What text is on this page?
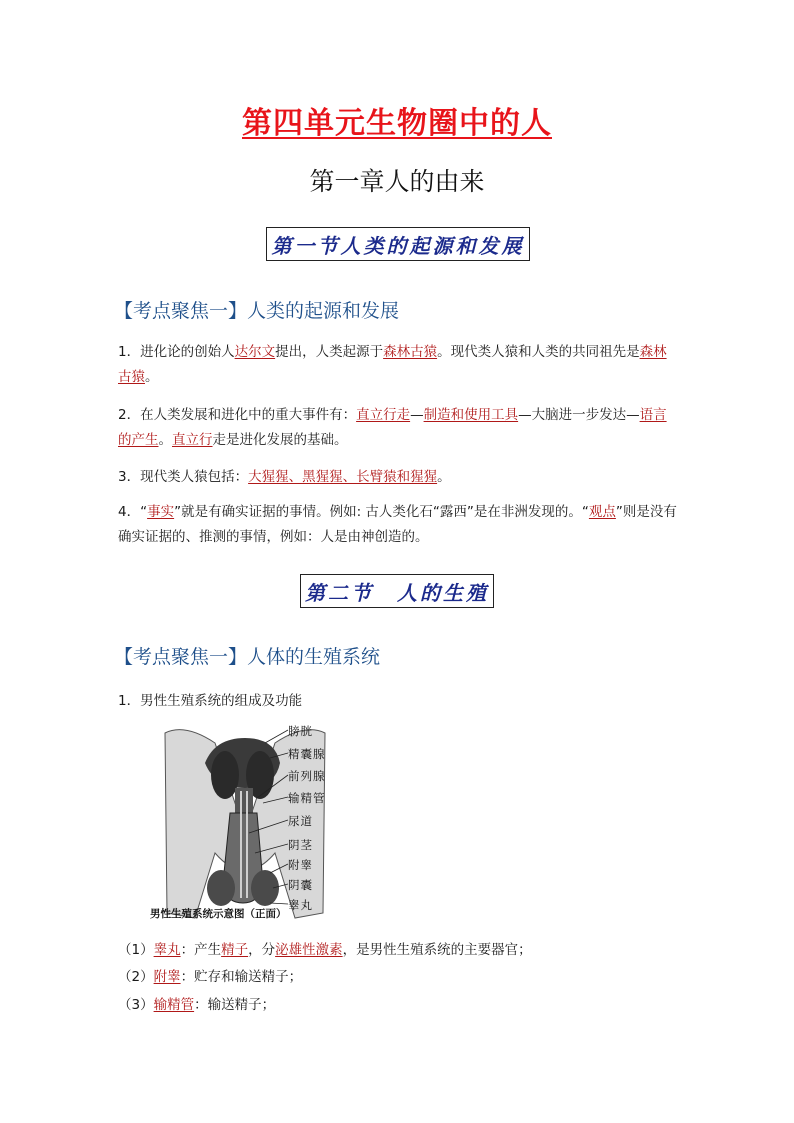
第四单元生物圈中的人
第一章人的由来
第一节人类的起源和发展
【考点聚焦一】人类的起源和发展
1．进化论的创始人达尔文提出，人类起源于森林古猿。现代类人猿和人类的共同祖先是森林古猿。
2．在人类发展和进化中的重大事件有：直立行走—制造和使用工具—大脑进一步发达—语言的产生。直立行走是进化发展的基础。
3．现代类人猿包括：大猩猩、黑猩猩、长臂猿和猩猩。
4．“事实”就是有确实证据的事情。例如: 古人类化石“露西”是在非洲发现的。“观点”则是没有确实证据的、推测的事情，例如：人是由神创造的。
第二节　人的生殖
【考点聚焦一】人体的生殖系统
1．男性生殖系统的组成及功能
膀胱
精囊腺
前列腺
输精管
尿道
阴茎
附睾
阴囊
睾丸
男性生殖系统示意图（正面）
（1）睾丸：产生精子，分泌雄性激素，是男性生殖系统的主要器官；
（2）附睾：贮存和输送精子；
（3）输精管：输送精子；
